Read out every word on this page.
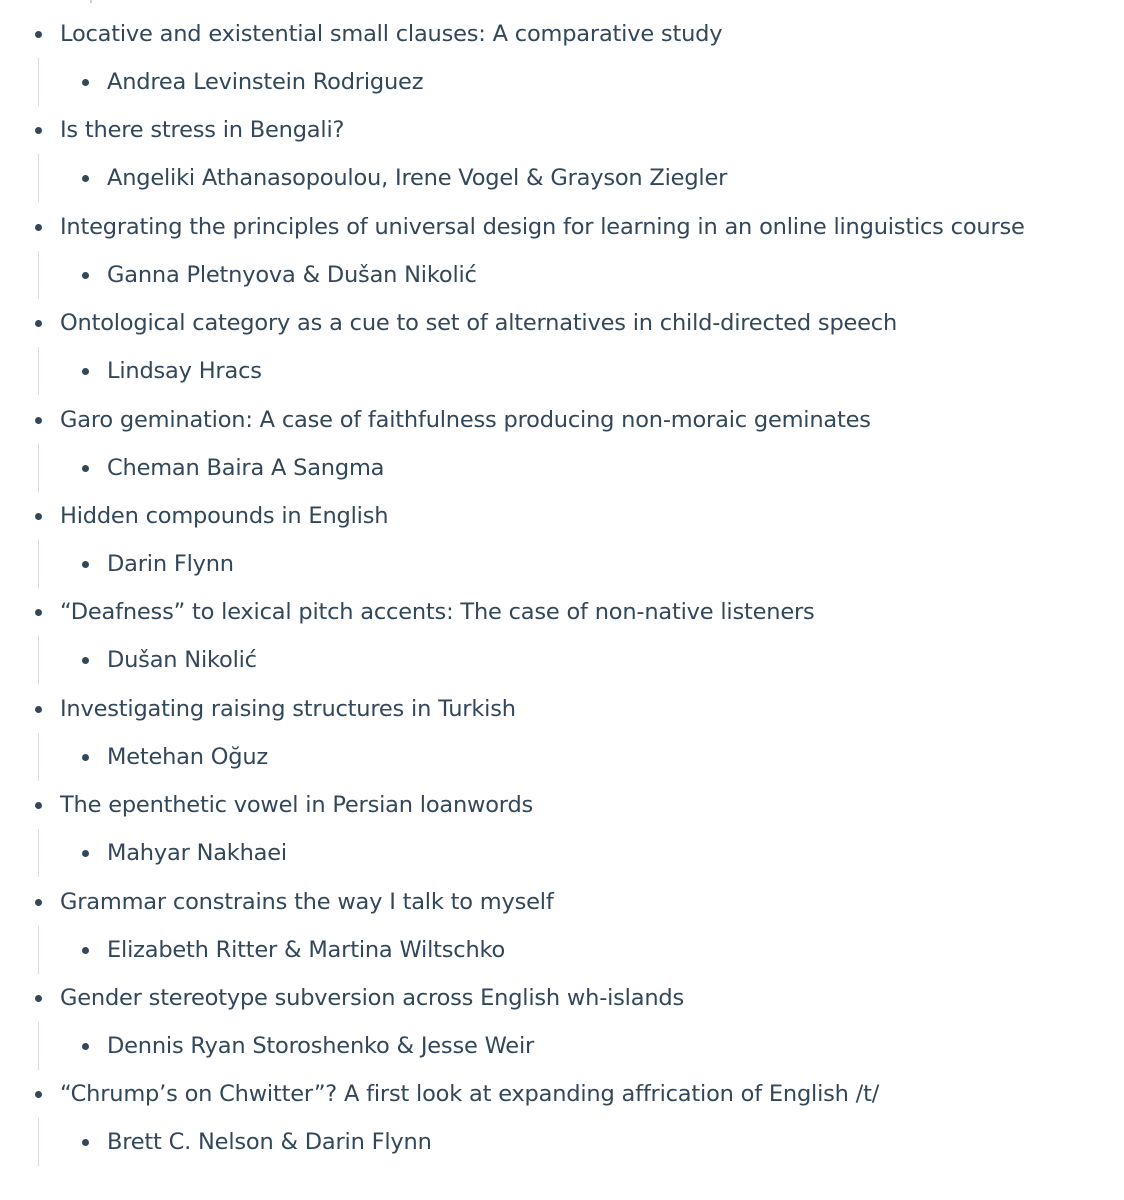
Locative and existential small clauses: A comparative study
Andrea Levinstein Rodriguez
Is there stress in Bengali?
Angeliki Athanasopoulou, Irene Vogel & Grayson Ziegler
Integrating the principles of universal design for learning in an online linguistics course
Ganna Pletnyova & Dušan Nikolić
Ontological category as a cue to set of alternatives in child-directed speech
Lindsay Hracs
Garo gemination: A case of faithfulness producing non-moraic geminates
Cheman Baira A Sangma
Hidden compounds in English
Darin Flynn
“Deafness” to lexical pitch accents: The case of non-native listeners
Dušan Nikolić
Investigating raising structures in Turkish
Metehan Oğuz
The epenthetic vowel in Persian loanwords
Mahyar Nakhaei
Grammar constrains the way I talk to myself
Elizabeth Ritter & Martina Wiltschko
Gender stereotype subversion across English wh-islands
Dennis Ryan Storoshenko & Jesse Weir
“Chrump’s on Chwitter”? A first look at expanding affrication of English /t/
Brett C. Nelson & Darin Flynn
